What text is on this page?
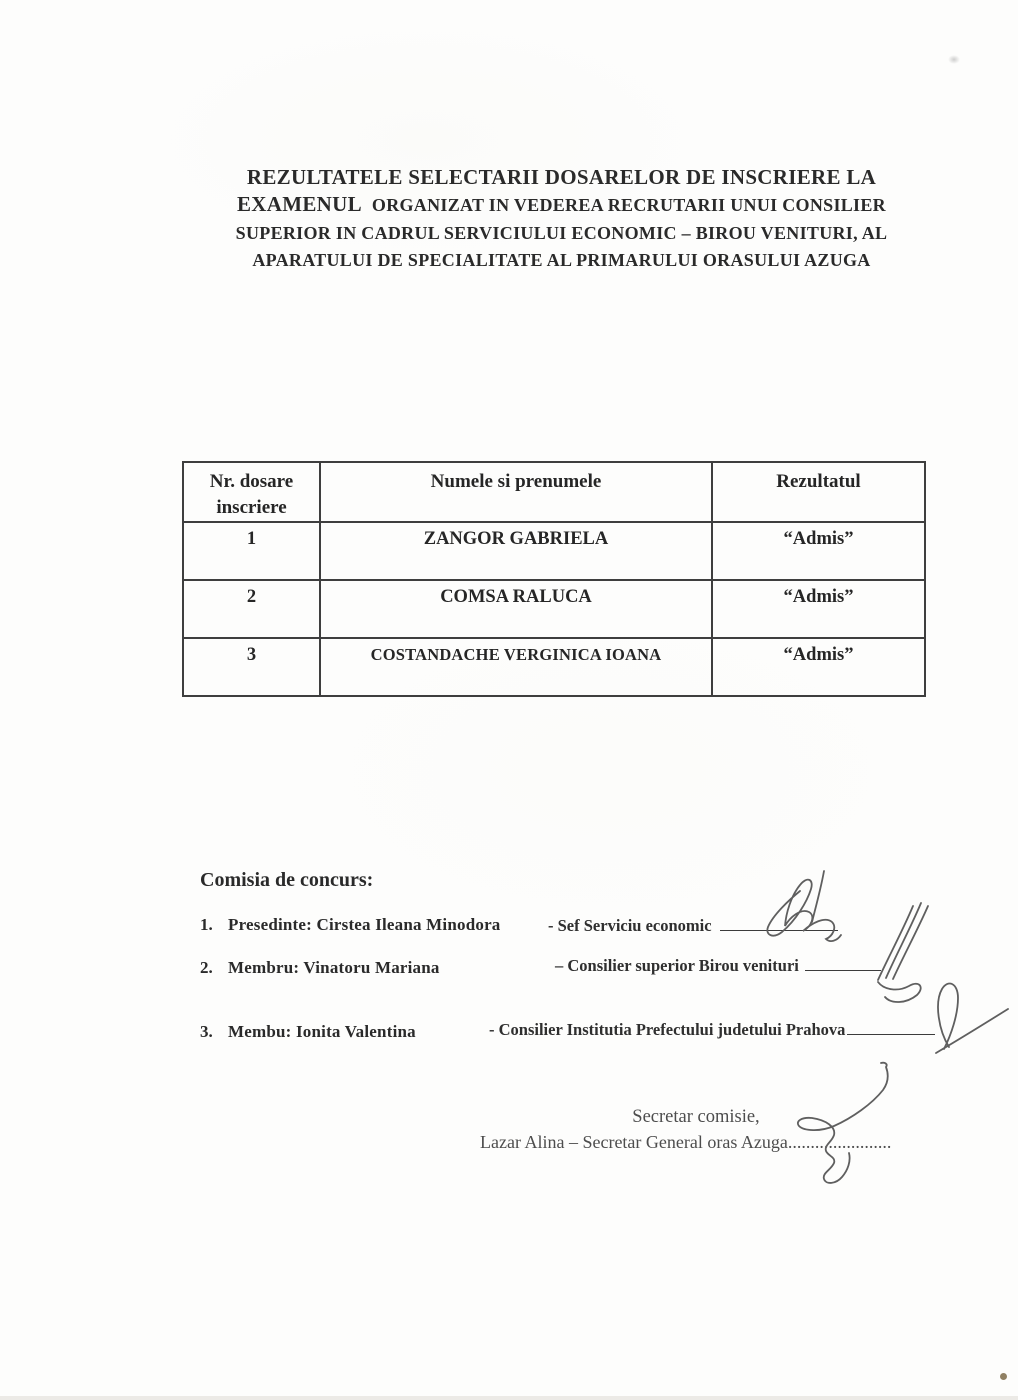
REZULTATELE SELECTARII DOSARELOR DE INSCRIERE LA
EXAMENUL ORGANIZAT IN VEDEREA RECRUTARII UNUI CONSILIER
SUPERIOR IN CADRUL SERVICIULUI ECONOMIC – BIROU VENITURI, AL
APARATULUI DE SPECIALITATE AL PRIMARULUI ORASULUI AZUGA
Nr. dosare inscriere	Numele si prenumele	Rezultatul
1	ZANGOR GABRIELA	“Admis”
2	COMSA RALUCA	“Admis”
3	COSTANDACHE VERGINICA IOANA	“Admis”
Comisia de concurs:
1. Presedinte: Cirstea Ileana Minodora	- Sef Serviciu economic
2. Membru: Vinatoru Mariana	– Consilier superior Birou venituri
3. Membu: Ionita Valentina	- Consilier Institutia Prefectului judetului Prahova
Secretar comisie,
Lazar Alina – Secretar General oras Azuga.......................
